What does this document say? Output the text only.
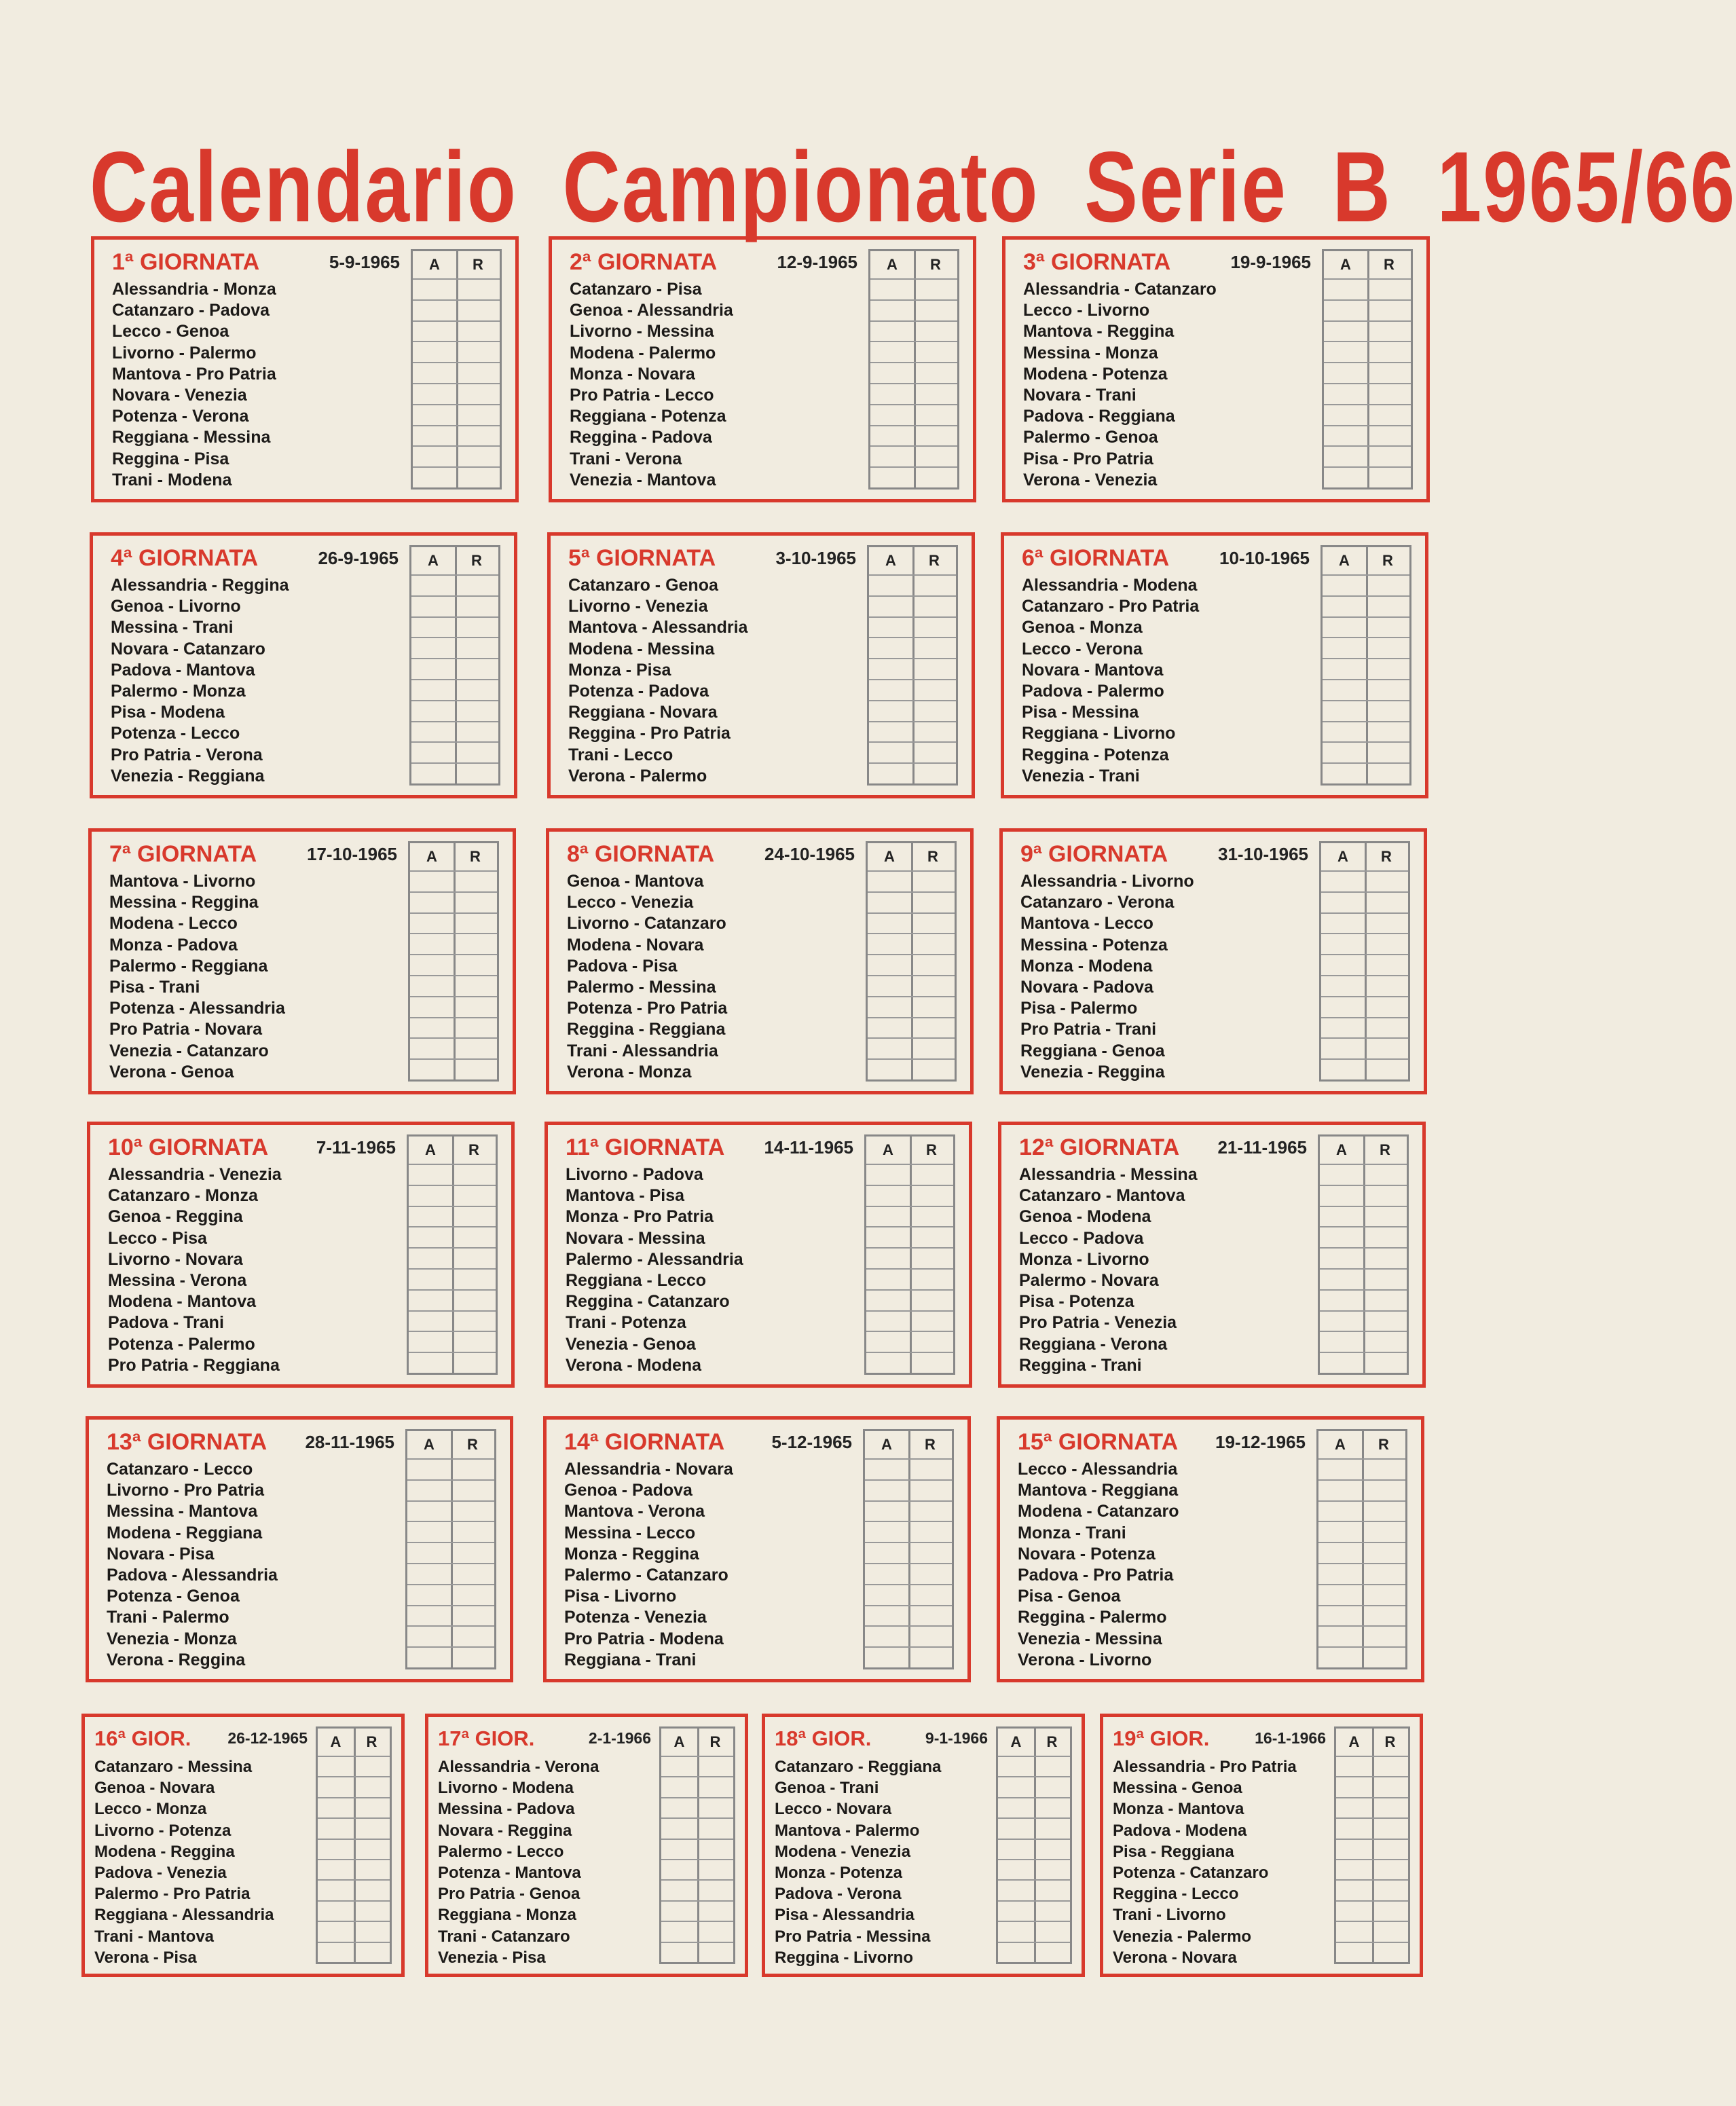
Calendario Campionato Serie B 1965/66
1ª GIORNATA	5-9-1965
Alessandria - Monza
Catanzaro - Padova
Lecco - Genoa
Livorno - Palermo
Mantova - Pro Patria
Novara - Venezia
Potenza - Verona
Reggiana - Messina
Reggina - Pisa
Trani - Modena
A	R	2ª GIORNATA	12-9-1965
Catanzaro - Pisa
Genoa - Alessandria
Livorno - Messina
Modena - Palermo
Monza - Novara
Pro Patria - Lecco
Reggiana - Potenza
Reggina - Padova
Trani - Verona
Venezia - Mantova
A	R	3ª GIORNATA	19-9-1965
Alessandria - Catanzaro
Lecco - Livorno
Mantova - Reggina
Messina - Monza
Modena - Potenza
Novara - Trani
Padova - Reggiana
Palermo - Genoa
Pisa - Pro Patria
Verona - Venezia
A	R
4ª GIORNATA	26-9-1965
Alessandria - Reggina
Genoa - Livorno
Messina - Trani
Novara - Catanzaro
Padova - Mantova
Palermo - Monza
Pisa - Modena
Potenza - Lecco
Pro Patria - Verona
Venezia - Reggiana
A	R	5ª GIORNATA	3-10-1965
Catanzaro - Genoa
Livorno - Venezia
Mantova - Alessandria
Modena - Messina
Monza - Pisa
Potenza - Padova
Reggiana - Novara
Reggina - Pro Patria
Trani - Lecco
Verona - Palermo
A	R	6ª GIORNATA	10-10-1965
Alessandria - Modena
Catanzaro - Pro Patria
Genoa - Monza
Lecco - Verona
Novara - Mantova
Padova - Palermo
Pisa - Messina
Reggiana - Livorno
Reggina - Potenza
Venezia - Trani
A	R
7ª GIORNATA	17-10-1965
Mantova - Livorno
Messina - Reggina
Modena - Lecco
Monza - Padova
Palermo - Reggiana
Pisa - Trani
Potenza - Alessandria
Pro Patria - Novara
Venezia - Catanzaro
Verona - Genoa
A	R	8ª GIORNATA	24-10-1965
Genoa - Mantova
Lecco - Venezia
Livorno - Catanzaro
Modena - Novara
Padova - Pisa
Palermo - Messina
Potenza - Pro Patria
Reggina - Reggiana
Trani - Alessandria
Verona - Monza
A	R	9ª GIORNATA	31-10-1965
Alessandria - Livorno
Catanzaro - Verona
Mantova - Lecco
Messina - Potenza
Monza - Modena
Novara - Padova
Pisa - Palermo
Pro Patria - Trani
Reggiana - Genoa
Venezia - Reggina
A	R
10ª GIORNATA	7-11-1965
Alessandria - Venezia
Catanzaro - Monza
Genoa - Reggina
Lecco - Pisa
Livorno - Novara
Messina - Verona
Modena - Mantova
Padova - Trani
Potenza - Palermo
Pro Patria - Reggiana
A	R	11ª GIORNATA 14-11-1965
Livorno - Padova
Mantova - Pisa
Monza - Pro Patria
Novara - Messina
Palermo - Alessandria
Reggiana - Lecco
Reggina - Catanzaro
Trani - Potenza
Venezia - Genoa
Verona - Modena
A	R	12ª GIORNATA 21-11-1965
Alessandria - Messina
Catanzaro - Mantova
Genoa - Modena
Lecco - Padova
Monza - Livorno
Palermo - Novara
Pisa - Potenza
Pro Patria - Venezia
Reggiana - Verona
Reggina - Trani
A	R
13ª GIORNATA 28-11-1965
Catanzaro - Lecco
Livorno - Pro Patria
Messina - Mantova
Modena - Reggiana
Novara - Pisa
Padova - Alessandria
Potenza - Genoa
Trani - Palermo
Venezia - Monza
Verona - Reggina
A	R	14ª GIORNATA	5-12-1965
Alessandria - Novara
Genoa - Padova
Mantova - Verona
Messina - Lecco
Monza - Reggina
Palermo - Catanzaro
Pisa - Livorno
Potenza - Venezia
Pro Patria - Modena
Reggiana - Trani
A	R	15ª GIORNATA 19-12-1965
Lecco - Alessandria
Mantova - Reggiana
Modena - Catanzaro
Monza - Trani
Novara - Potenza
Padova - Pro Patria
Pisa - Genoa
Reggina - Palermo
Venezia - Messina
Verona - Livorno
A	R
16ª GIOR. 26-12-1965
Catanzaro - Messina
Genoa - Novara
Lecco - Monza
Livorno - Potenza
Modena - Reggina
Padova - Venezia
Palermo - Pro Patria
Reggiana - Alessandria
Trani - Mantova
Verona - Pisa
A	R	17ª GIOR.	2-1-1966
Alessandria - Verona
Livorno - Modena
Messina - Padova
Novara - Reggina
Palermo - Lecco
Potenza - Mantova
Pro Patria - Genoa
Reggiana - Monza
Trani - Catanzaro
Venezia - Pisa
A	R	18ª GIOR.	9-1-1966
Catanzaro - Reggiana
Genoa - Trani
Lecco - Novara
Mantova - Palermo
Modena - Venezia
Monza - Potenza
Padova - Verona
Pisa - Alessandria
Pro Patria - Messina
Reggina - Livorno
A	R	19ª GIOR.	16-1-1966
Alessandria - Pro Patria
Messina - Genoa
Monza - Mantova
Padova - Modena
Pisa - Reggiana
Potenza - Catanzaro
Reggina - Lecco
Trani - Livorno
Venezia - Palermo
Verona - Novara
A	R
